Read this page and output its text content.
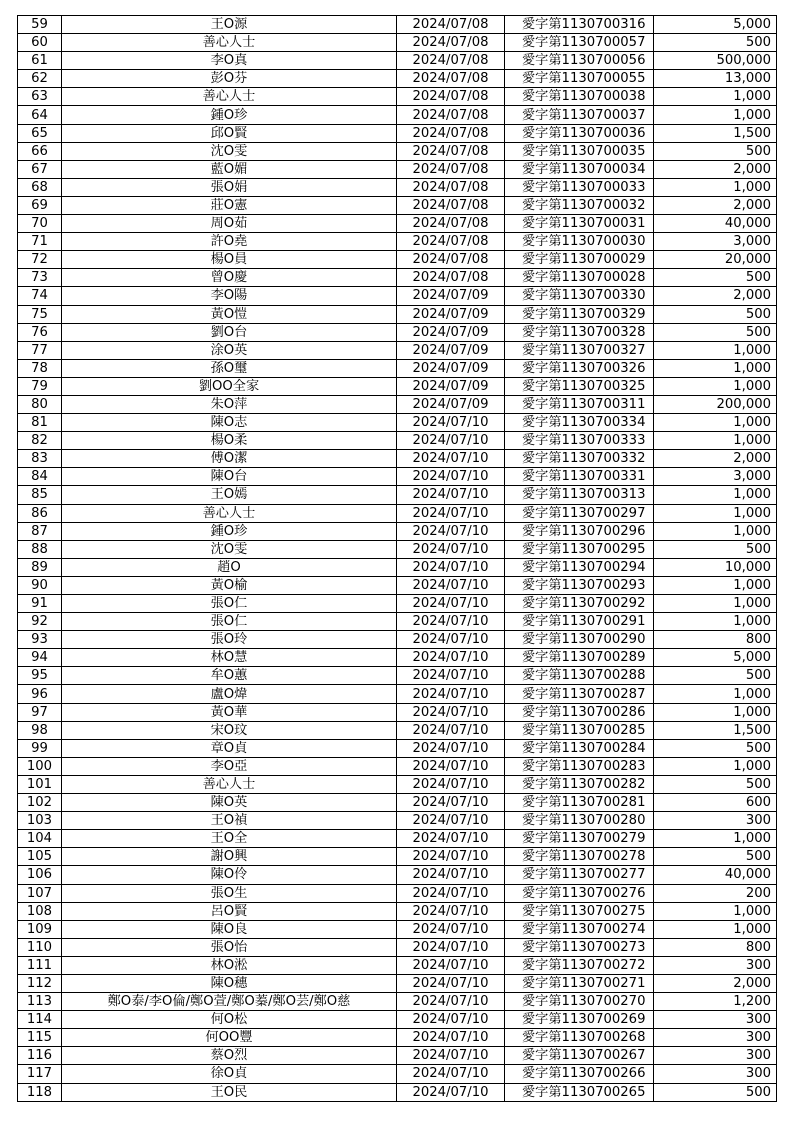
59	王O源	2024/07/08	愛字第1130700316	5,000
60	善心人士	2024/07/08	愛字第1130700057	500
61	李O真	2024/07/08	愛字第1130700056	500,000
62	彭O芬	2024/07/08	愛字第1130700055	13,000
63	善心人士	2024/07/08	愛字第1130700038	1,000
64	鍾O珍	2024/07/08	愛字第1130700037	1,000
65	邱O賢	2024/07/08	愛字第1130700036	1,500
66	沈O雯	2024/07/08	愛字第1130700035	500
67	藍O媚	2024/07/08	愛字第1130700034	2,000
68	張O娟	2024/07/08	愛字第1130700033	1,000
69	莊O憲	2024/07/08	愛字第1130700032	2,000
70	周O茹	2024/07/08	愛字第1130700031	40,000
71	許O堯	2024/07/08	愛字第1130700030	3,000
72	楊O員	2024/07/08	愛字第1130700029	20,000
73	曾O慶	2024/07/08	愛字第1130700028	500
74	李O陽	2024/07/09	愛字第1130700330	2,000
75	黃O愷	2024/07/09	愛字第1130700329	500
76	劉O台	2024/07/09	愛字第1130700328	500
77	涂O英	2024/07/09	愛字第1130700327	1,000
78	孫O璽	2024/07/09	愛字第1130700326	1,000
79	劉OO全家	2024/07/09	愛字第1130700325	1,000
80	朱O萍	2024/07/09	愛字第1130700311	200,000
81	陳O志	2024/07/10	愛字第1130700334	1,000
82	楊O柔	2024/07/10	愛字第1130700333	1,000
83	傅O潔	2024/07/10	愛字第1130700332	2,000
84	陳O台	2024/07/10	愛字第1130700331	3,000
85	王O嫣	2024/07/10	愛字第1130700313	1,000
86	善心人士	2024/07/10	愛字第1130700297	1,000
87	鍾O珍	2024/07/10	愛字第1130700296	1,000
88	沈O雯	2024/07/10	愛字第1130700295	500
89	趙O	2024/07/10	愛字第1130700294	10,000
90	黃O榆	2024/07/10	愛字第1130700293	1,000
91	張O仁	2024/07/10	愛字第1130700292	1,000
92	張O仁	2024/07/10	愛字第1130700291	1,000
93	張O玲	2024/07/10	愛字第1130700290	800
94	林O慧	2024/07/10	愛字第1130700289	5,000
95	牟O蕙	2024/07/10	愛字第1130700288	500
96	盧O煒	2024/07/10	愛字第1130700287	1,000
97	黃O華	2024/07/10	愛字第1130700286	1,000
98	宋O玟	2024/07/10	愛字第1130700285	1,500
99	章O貞	2024/07/10	愛字第1130700284	500
100	李O亞	2024/07/10	愛字第1130700283	1,000
101	善心人士	2024/07/10	愛字第1130700282	500
102	陳O英	2024/07/10	愛字第1130700281	600
103	王O禎	2024/07/10	愛字第1130700280	300
104	王O全	2024/07/10	愛字第1130700279	1,000
105	謝O興	2024/07/10	愛字第1130700278	500
106	陳O伶	2024/07/10	愛字第1130700277	40,000
107	張O生	2024/07/10	愛字第1130700276	200
108	呂O賢	2024/07/10	愛字第1130700275	1,000
109	陳O良	2024/07/10	愛字第1130700274	1,000
110	張O怡	2024/07/10	愛字第1130700273	800
111	林O淞	2024/07/10	愛字第1130700272	300
112	陳O穗	2024/07/10	愛字第1130700271	2,000
113	鄭O泰/李O倫/鄭O萱/鄭O蓁/鄭O芸/鄭O慈	2024/07/10	愛字第1130700270	1,200
114	何O松	2024/07/10	愛字第1130700269	300
115	何OO豐	2024/07/10	愛字第1130700268	300
116	蔡O烈	2024/07/10	愛字第1130700267	300
117	徐O貞	2024/07/10	愛字第1130700266	300
118	王O民	2024/07/10	愛字第1130700265	500
